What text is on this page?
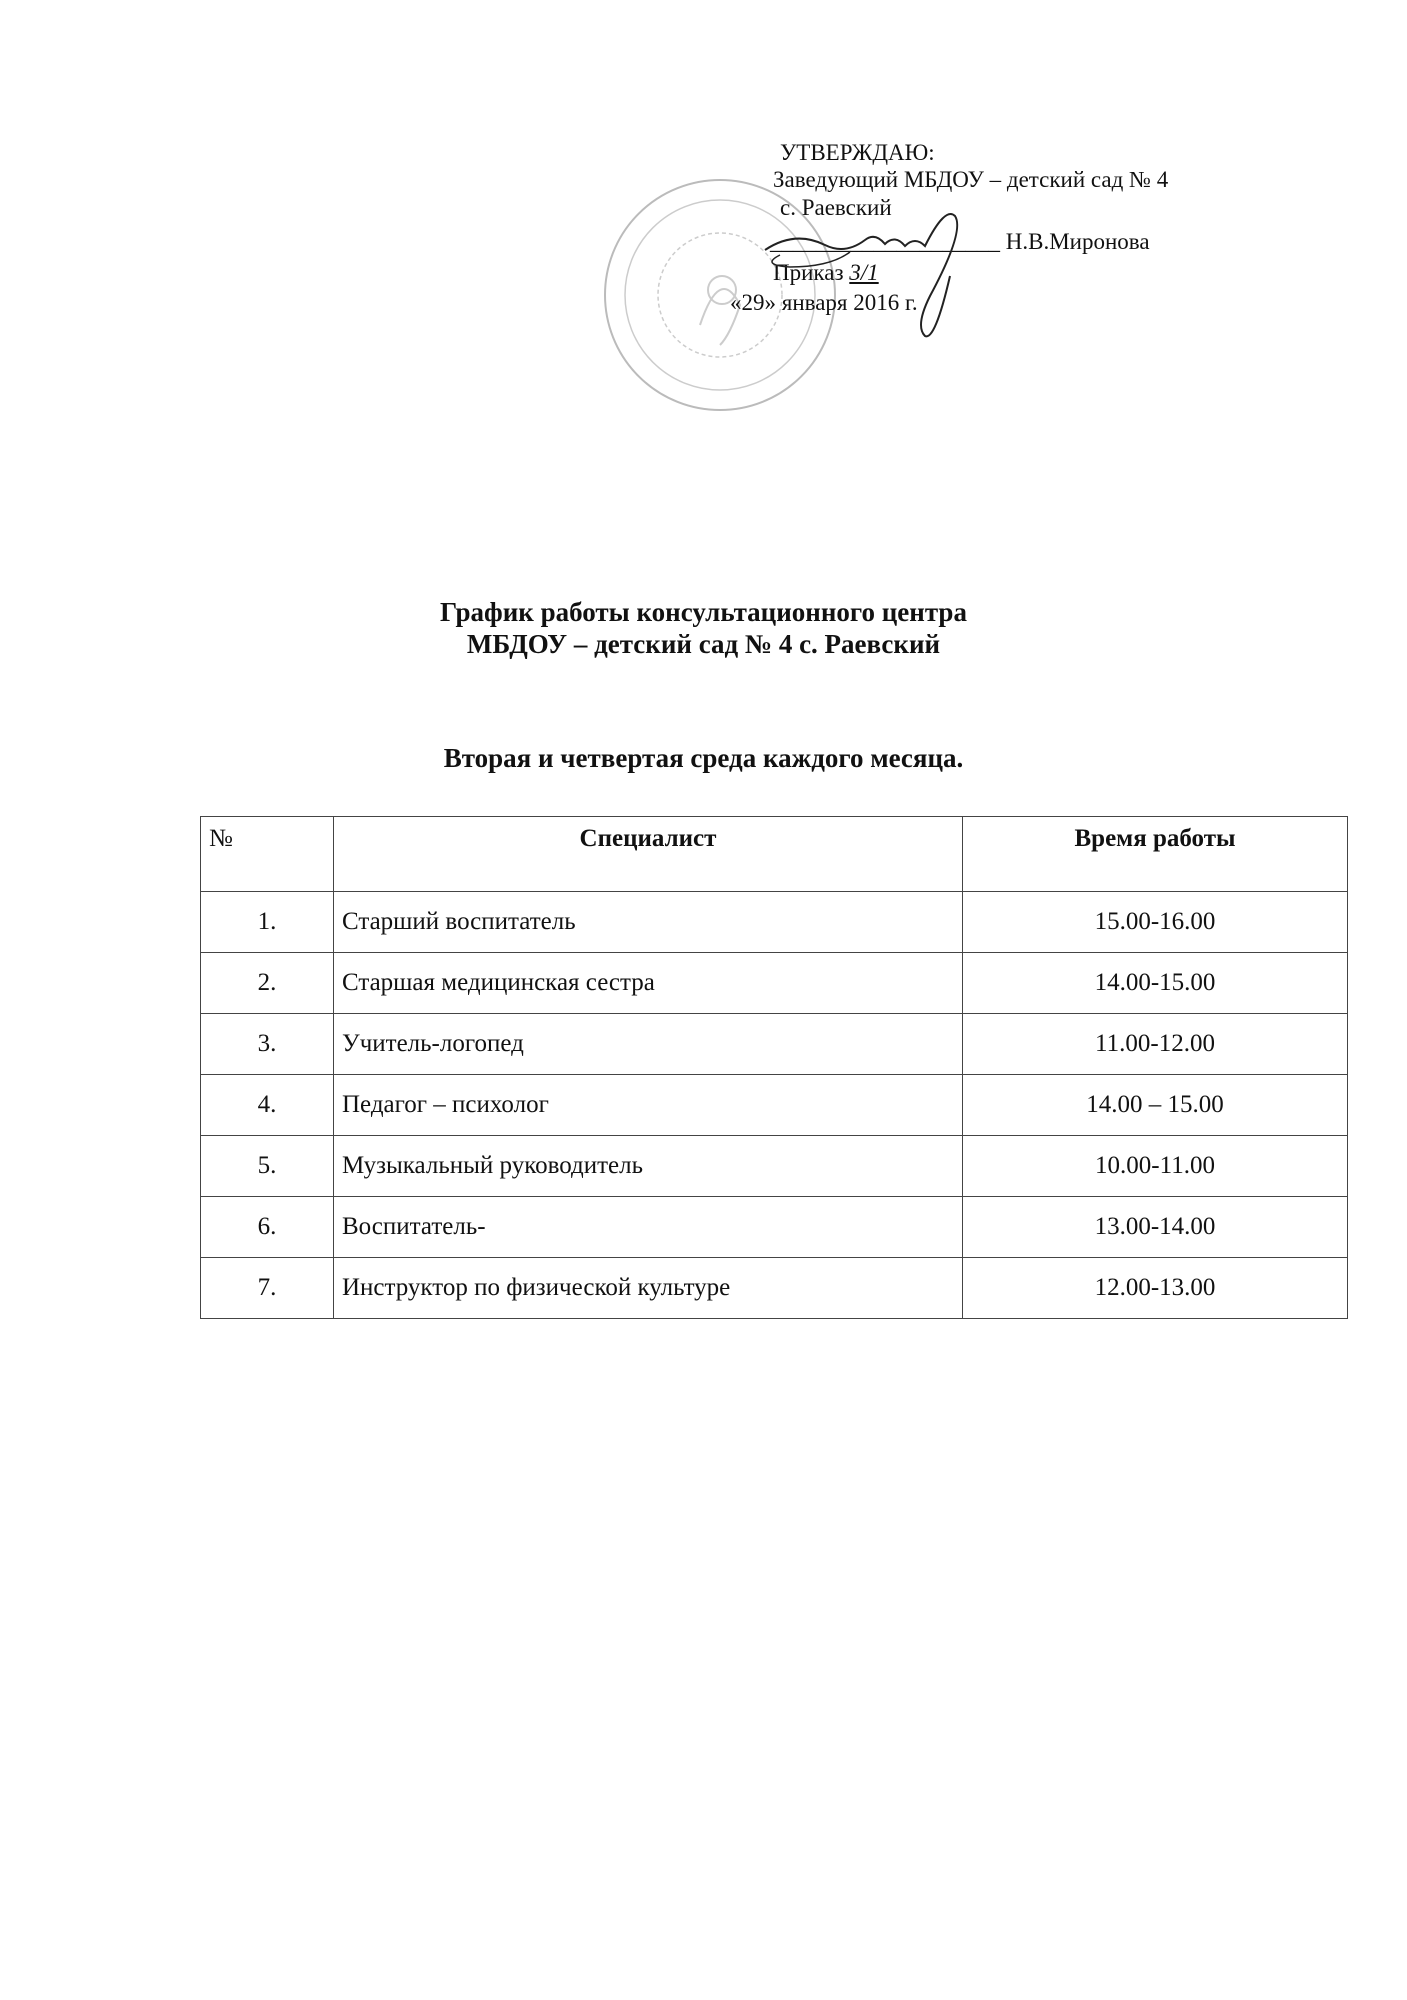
УТВЕРЖДАЮ:
Заведующий МБДОУ – детский сад № 4
с. Раевский
____________________ Н.В.Миронова
Приказ 3/1
«29» января 2016 г.
График работы консультационного центра
МБДОУ – детский сад № 4 с. Раевский
Вторая и четвертая среда каждого месяца.
№	Специалист	Время работы
1.	Старший воспитатель	15.00-16.00
2.	Старшая медицинская сестра	14.00-15.00
3.	Учитель-логопед	11.00-12.00
4.	Педагог – психолог	14.00 – 15.00
5.	Музыкальный руководитель	10.00-11.00
6.	Воспитатель-	13.00-14.00
7.	Инструктор по физической культуре	12.00-13.00
